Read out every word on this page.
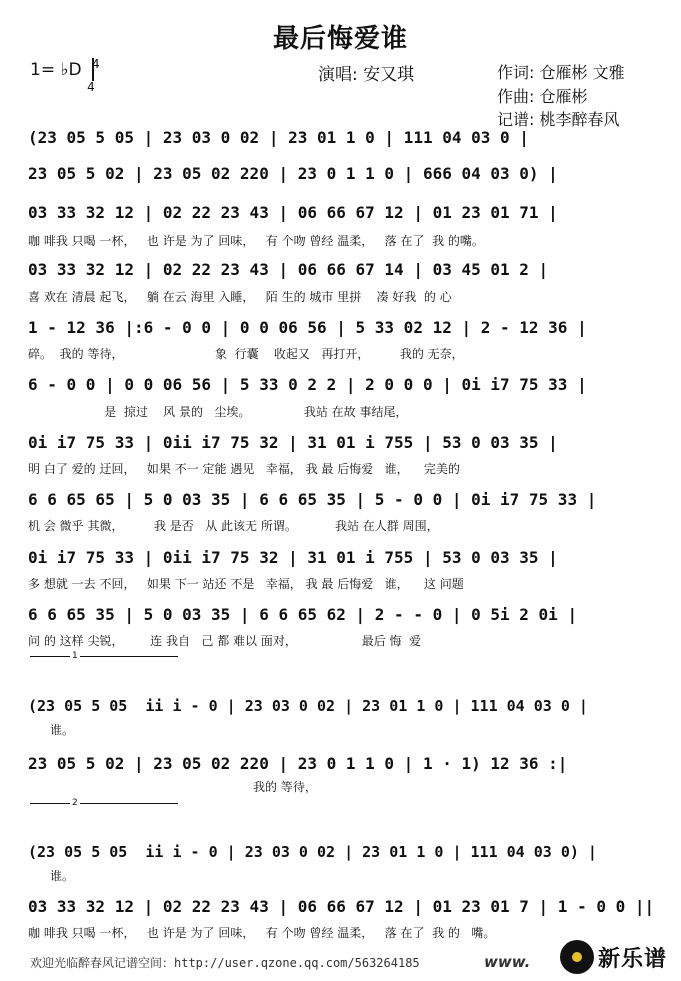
最后悔爱谁
1= ♭D 4
4
演唱: 安又琪	作词: 仓雁彬 文雅
作曲: 仓雁彬
记谱: 桃李醉春风
(23 05 5 05 | 23 03 0 02 | 23 01 1 0 | 111 04 03 0 |
23 05 5 02 | 23 05 02 220 | 23 0 1 1 0 | 666 04 03 0) |
03 33 32 12 | 02 22 23 43 | 06 66 67 12 | 01 23 01 71 |
咖 啡我 只喝 一杯，   也 许是 为了 回味，   有 个吻 曾经 温柔，   落 在了  我 的嘴。
03 33 32 12 | 02 22 23 43 | 06 66 67 14 | 03 45 01 2 |
喜 欢在 清晨 起飞，   躺 在云 海里 入睡，   陌 生的 城市 里拼    凑 好我  的 心
1 - 12 36 |:6 - 0 0 | 0 0 06 56 | 5 33 02 12 | 2 - 12 36 |
碎。  我的 等待，                        象  行囊    收起又   再打开，        我的 无奈，
6 - 0 0 | 0 0 06 56 | 5 33 0 2 2 | 2 0 0 0 | 0i i7 75 33 |
是  掠过    风 景的   尘埃。              我站 在故 事结尾，
0i i7 75 33 | 0ii i7 75 32 | 31 01 i 755 | 53 0 03 35 |
明 白了 爱的 迂回，   如果 不一 定能 遇见   幸福， 我 最 后悔爱   谁，    完美的
6 6 65 65 | 5 0 03 35 | 6 6 65 35 | 5 - 0 0 | 0i i7 75 33 |
机 会 微乎 其微，        我 是否   从 此该无 所谓。          我站 在人群 周围，
0i i7 75 33 | 0ii i7 75 32 | 31 01 i 755 | 53 0 03 35 |
多 想就 一去 不回，   如果 下一 站还 不是   幸福， 我 最 后悔爱   谁，    这 问题
6 6 65 35 | 5 0 03 35 | 6 6 65 62 | 2 - - 0 | 0 5i 2 0i |
问 的 这样 尖锐，       连 我自   己 都 难以 面对，                 最后 悔  爱
1
(23 05 5 05  ii i - 0 | 23 03 0 02 | 23 01 1 0 | 111 04 03 0 |
谁。
23 05 5 02 | 23 05 02 220 | 23 0 1 1 0 | 1 · 1) 12 36 :|
我的 等待，
2
(23 05 5 05  ii i - 0 | 23 03 0 02 | 23 01 1 0 | 111 04 03 0) |
谁。
03 33 32 12 | 02 22 23 43 | 06 66 67 12 | 01 23 01 7 | 1 - 0 0 ||
咖 啡我 只喝 一杯，   也 许是 为了 回味，   有 个吻 曾经 温柔，   落 在了  我 的   嘴。
欢迎光临醉春风记谱空间：http://user.qzone.qq.com/563264185	www.	新乐谱
